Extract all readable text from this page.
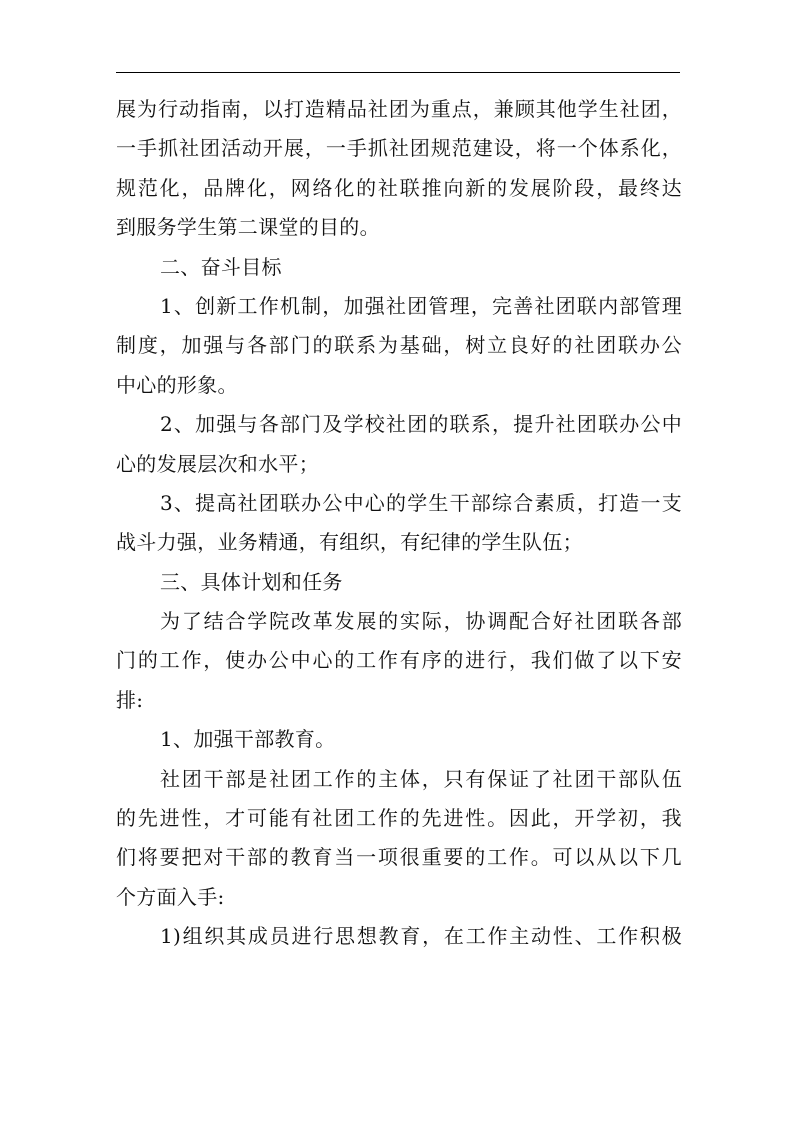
展为行动指南，以打造精品社团为重点，兼顾其他学生社团，
一手抓社团活动开展，一手抓社团规范建设，将一个体系化，
规范化，品牌化，网络化的社联推向新的发展阶段，最终达
到服务学生第二课堂的目的。
二、奋斗目标
1、创新工作机制，加强社团管理，完善社团联内部管理
制度，加强与各部门的联系为基础，树立良好的社团联办公
中心的形象。
2、加强与各部门及学校社团的联系，提升社团联办公中
心的发展层次和水平；
3、提高社团联办公中心的学生干部综合素质，打造一支
战斗力强，业务精通，有组织，有纪律的学生队伍；
三、具体计划和任务
为了结合学院改革发展的实际，协调配合好社团联各部
门的工作，使办公中心的工作有序的进行，我们做了以下安
排:
1、加强干部教育。
社团干部是社团工作的主体，只有保证了社团干部队伍
的先进性，才可能有社团工作的先进性。因此，开学初，我
们将要把对干部的教育当一项很重要的工作。可以从以下几
个方面入手:
1)组织其成员进行思想教育，在工作主动性、工作积极
